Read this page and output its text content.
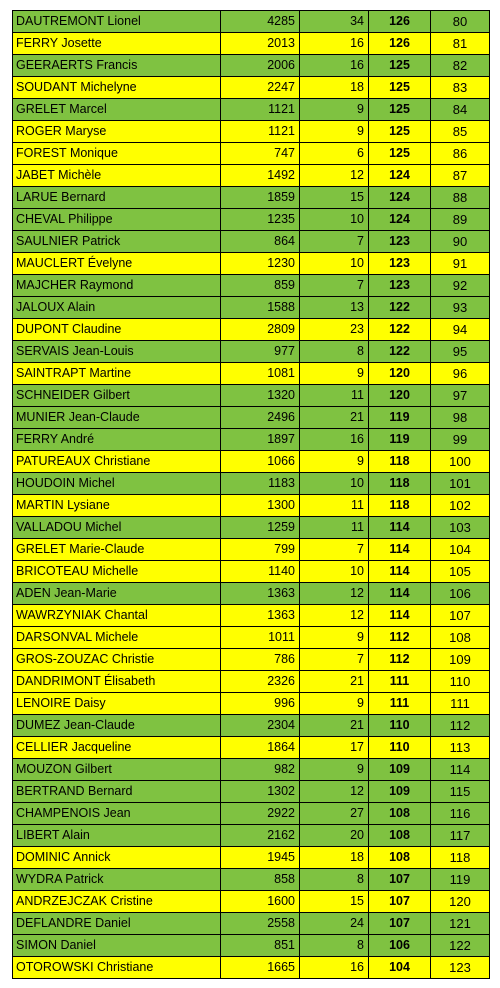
DAUTREMONT Lionel	4285	34	126	80
FERRY Josette	2013	16	126	81
GEERAERTS Francis	2006	16	125	82
SOUDANT Michelyne	2247	18	125	83
GRELET Marcel	1121	9	125	84
ROGER Maryse	1121	9	125	85
FOREST Monique	747	6	125	86
JABET Michèle	1492	12	124	87
LARUE Bernard	1859	15	124	88
CHEVAL Philippe	1235	10	124	89
SAULNIER Patrick	864	7	123	90
MAUCLERT Évelyne	1230	10	123	91
MAJCHER Raymond	859	7	123	92
JALOUX Alain	1588	13	122	93
DUPONT Claudine	2809	23	122	94
SERVAIS Jean-Louis	977	8	122	95
SAINTRAPT Martine	1081	9	120	96
SCHNEIDER Gilbert	1320	11	120	97
MUNIER Jean-Claude	2496	21	119	98
FERRY André	1897	16	119	99
PATUREAUX Christiane	1066	9	118	100
HOUDOIN Michel	1183	10	118	101
MARTIN Lysiane	1300	11	118	102
VALLADOU Michel	1259	11	114	103
GRELET Marie-Claude	799	7	114	104
BRICOTEAU Michelle	1140	10	114	105
ADEN Jean-Marie	1363	12	114	106
WAWRZYNIAK Chantal	1363	12	114	107
DARSONVAL Michele	1011	9	112	108
GROS-ZOUZAC Christie	786	7	112	109
DANDRIMONT Élisabeth	2326	21	111	110
LENOIRE Daisy	996	9	111	111
DUMEZ Jean-Claude	2304	21	110	112
CELLIER Jacqueline	1864	17	110	113
MOUZON Gilbert	982	9	109	114
BERTRAND Bernard	1302	12	109	115
CHAMPENOIS Jean	2922	27	108	116
LIBERT Alain	2162	20	108	117
DOMINIC Annick	1945	18	108	118
WYDRA Patrick	858	8	107	119
ANDRZEJCZAK Cristine	1600	15	107	120
DEFLANDRE Daniel	2558	24	107	121
SIMON Daniel	851	8	106	122
OTOROWSKI Christiane	1665	16	104	123
